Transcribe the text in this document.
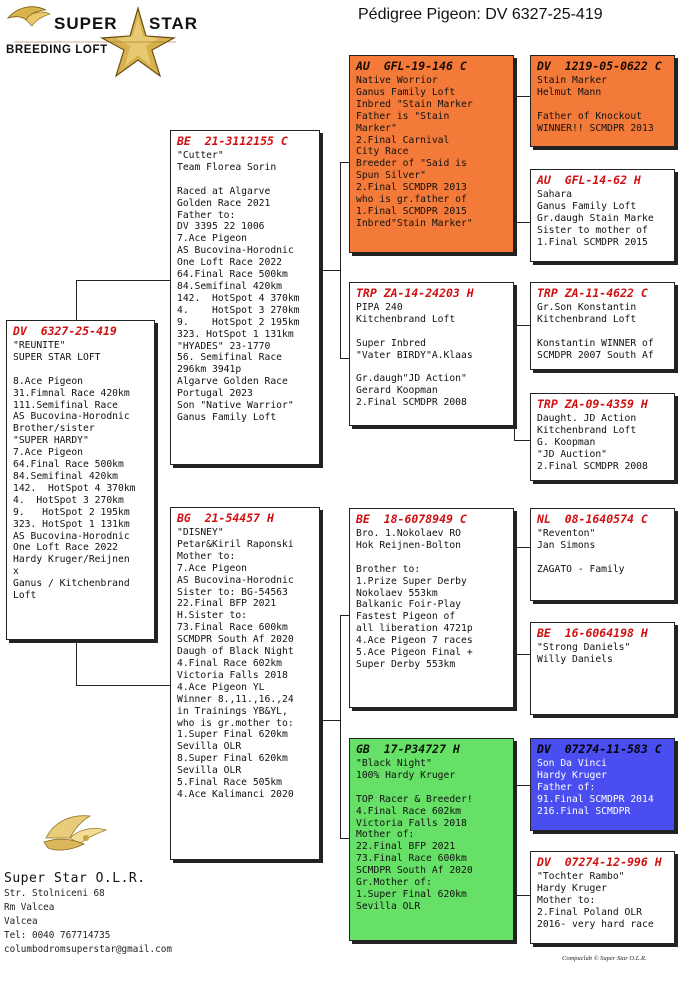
SUPER STAR
BREEDING LOFT
Pédigree Pigeon: DV 6327-25-419
DV  6327-25-419
"REUNITE"
SUPER STAR LOFT

8.Ace Pigeon
31.Fimnal Race 420km
111.Semifinal Race
AS Bucovina-Horodnic
Brother/sister
"SUPER HARDY"
7.Ace Pigeon
64.Final Race 500km
84.Semifinal 420km
142.  HotSpot 4 370km
4.  HotSpot 3 270km
9.   HotSpot 2 195km
323. HotSpot 1 131km
AS Bucovina-Horodnic
One Loft Race 2022
Hardy Kruger/Reijnen
x
Ganus / Kitchenbrand
Loft
BE  21-3112155 C
"Cutter"
Team Florea Sorin

Raced at Algarve
Golden Race 2021
Father to:
DV 3395 22 1006
7.Ace Pigeon
AS Bucovina-Horodnic
One Loft Race 2022
64.Final Race 500km
84.Semifinal 420km
142.  HotSpot 4 370km
4.    HotSpot 3 270km
9.    HotSpot 2 195km
323. HotSpot 1 131km
"HYADES" 23-1770
56. Semifinal Race
296km 3941p
Algarve Golden Race
Portugal 2023
Son "Native Warrior"
Ganus Family Loft
BG  21-54457 H
"DISNEY"
Petar&Kiril Raponski
Mother to:
7.Ace Pigeon
AS Bucovina-Horodnic
Sister to: BG-54563
22.Final BFP 2021
H.Sister to:
73.Final Race 600km
SCMDPR South Af 2020
Daugh of Black Night
4.Final Race 602km
Victoria Falls 2018
4.Ace Pigeon YL
Winner 8.,11.,16.,24
in Trainings YB&YL,
who is gr.mother to:
1.Super Final 620km
Sevilla OLR
8.Super Final 620km
Sevilla OLR
5.Final Race 505km
4.Ace Kalimanci 2020
AU  GFL-19-146 C
Native Worrior
Ganus Family Loft
Inbred "Stain Marker
Father is "Stain
Marker"
2.Final Carnival
City Race
Breeder of "Said is
Spun Silver"
2.Final SCMDPR 2013
who is gr.father of
1.Final SCMDPR 2015
Inbred"Stain Marker"
TRP ZA-14-24203 H
PIPA 240
Kitchenbrand Loft

Super Inbred
"Vater BIRDY"A.Klaas

Gr.daugh"JD Action"
Gerard Koopman
2.Final SCMDPR 2008
BE  18-6078949 C
Bro. 1.Nokolaev RO
Hok Reijnen-Bolton

Brother to:
1.Prize Super Derby
Nokolaev 553km
Balkanic Foir-Play
Fastest Pigeon of
all liberation 4721p
4.Ace Pigeon 7 races
5.Ace Pigeon Final +
Super Derby 553km
GB  17-P34727 H
"Black Night"
100% Hardy Kruger

TOP Racer & Breeder!
4.Final Race 602km
Victoria Falls 2018
Mother of:
22.Final BFP 2021
73.Final Race 600km
SCMDPR South Af 2020
Gr.Mother of:
1.Super Final 620km
Sevilla OLR
DV  1219-05-0622 C
Stain Marker
Helmut Mann

Father of Knockout
WINNER!! SCMDPR 2013
AU  GFL-14-62 H
Sahara
Ganus Family Loft
Gr.daugh Stain Marke
Sister to mother of
1.Final SCMDPR 2015
TRP ZA-11-4622 C
Gr.Son Konstantin
Kitchenbrand Loft

Konstantin WINNER of
SCMDPR 2007 South Af
TRP ZA-09-4359 H
Daught. JD Action
Kitchenbrand Loft
G. Koopman
"JD Auction"
2.Final SCMDPR 2008
NL  08-1640574 C
"Reventon"
Jan Simons

ZAGATO - Family
BE  16-6064198 H
"Strong Daniels"
Willy Daniels
DV  07274-11-583 C
Son Da Vinci
Hardy Kruger
Father of:
91.Final SCMDPR 2014
216.Final SCMDPR
DV  07274-12-996 H
"Tochter Rambo"
Hardy Kruger
Mother to:
2.Final Poland OLR
2016- very hard race
Super Star O.L.R.
Str. Stolniceni 68
Rm Valcea
Valcea
Tel: 0040 767714735
columbodromsuperstar@gmail.com
Compuclub © Super Star O.L.R.
